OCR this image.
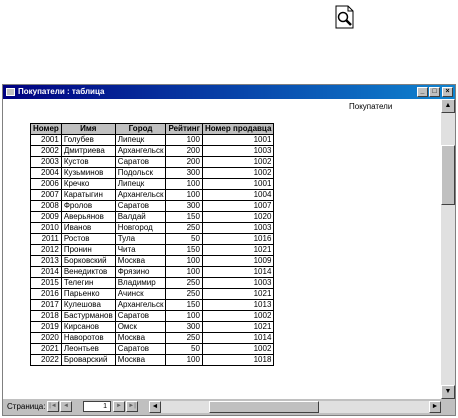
Покупатели : таблица	_	□	×
Покупатели
Номер	Имя	Город	Рейтинг	Номер продавца
2001	Голубев	Липецк	100	1001
2002	Дмитриева	Архангельск	200	1003
2003	Кустов	Саратов	200	1002
2004	Кузьминов	Подольск	300	1002
2006	Кречко	Липецк	100	1001
2007	Каратыгин	Архангельск	100	1004
2008	Фролов	Саратов	300	1007
2009	Аверьянов	Валдай	150	1020
2010	Иванов	Новгород	250	1003
2011	Ростов	Тула	50	1016
2012	Пронин	Чита	150	1021
2013	Борковский	Москва	100	1009
2014	Венедиктов	Фрязино	100	1014
2015	Телегин	Владимир	250	1003
2016	Парьенко	Ачинск	250	1021
2017	Кулешова	Архангельск	150	1013
2018	Бастурманов	Саратов	100	1002
2019	Кирсанов	Омск	300	1021
2020	Навоpотов	Москва	250	1014
2021	Леонтьев	Саратов	50	1002
2022	Броварский	Москва	100	1018
▲
▼
Страница: |◄	◄	1	►	►|	◄	►
